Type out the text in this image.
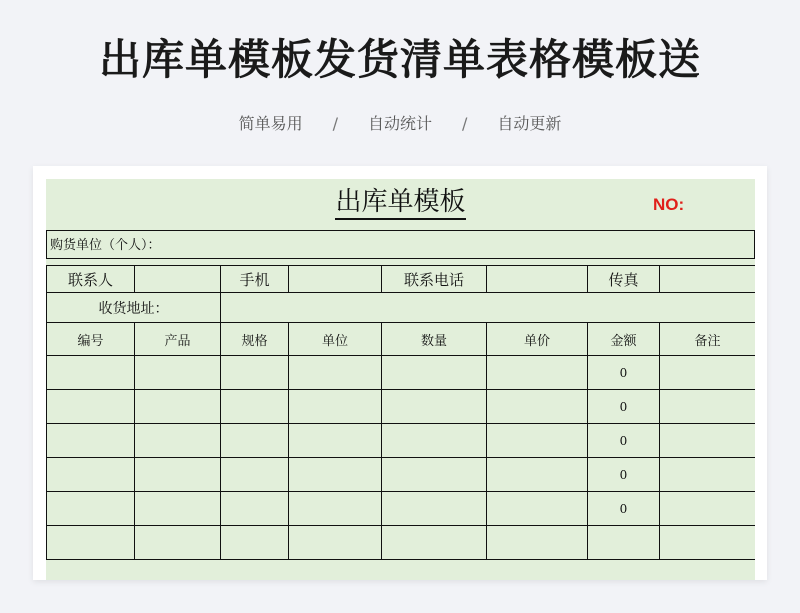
出库单模板发货清单表格模板送
简单易用 / 自动统计 / 自动更新
出库单模板	NO:
购货单位（个人）：
联系人		手机		联系电话		传真	
收货地址：							
编号	产品	规格	单位	数量	单价	金额	备注
						0	
						0	
						0	
						0	
						0	
